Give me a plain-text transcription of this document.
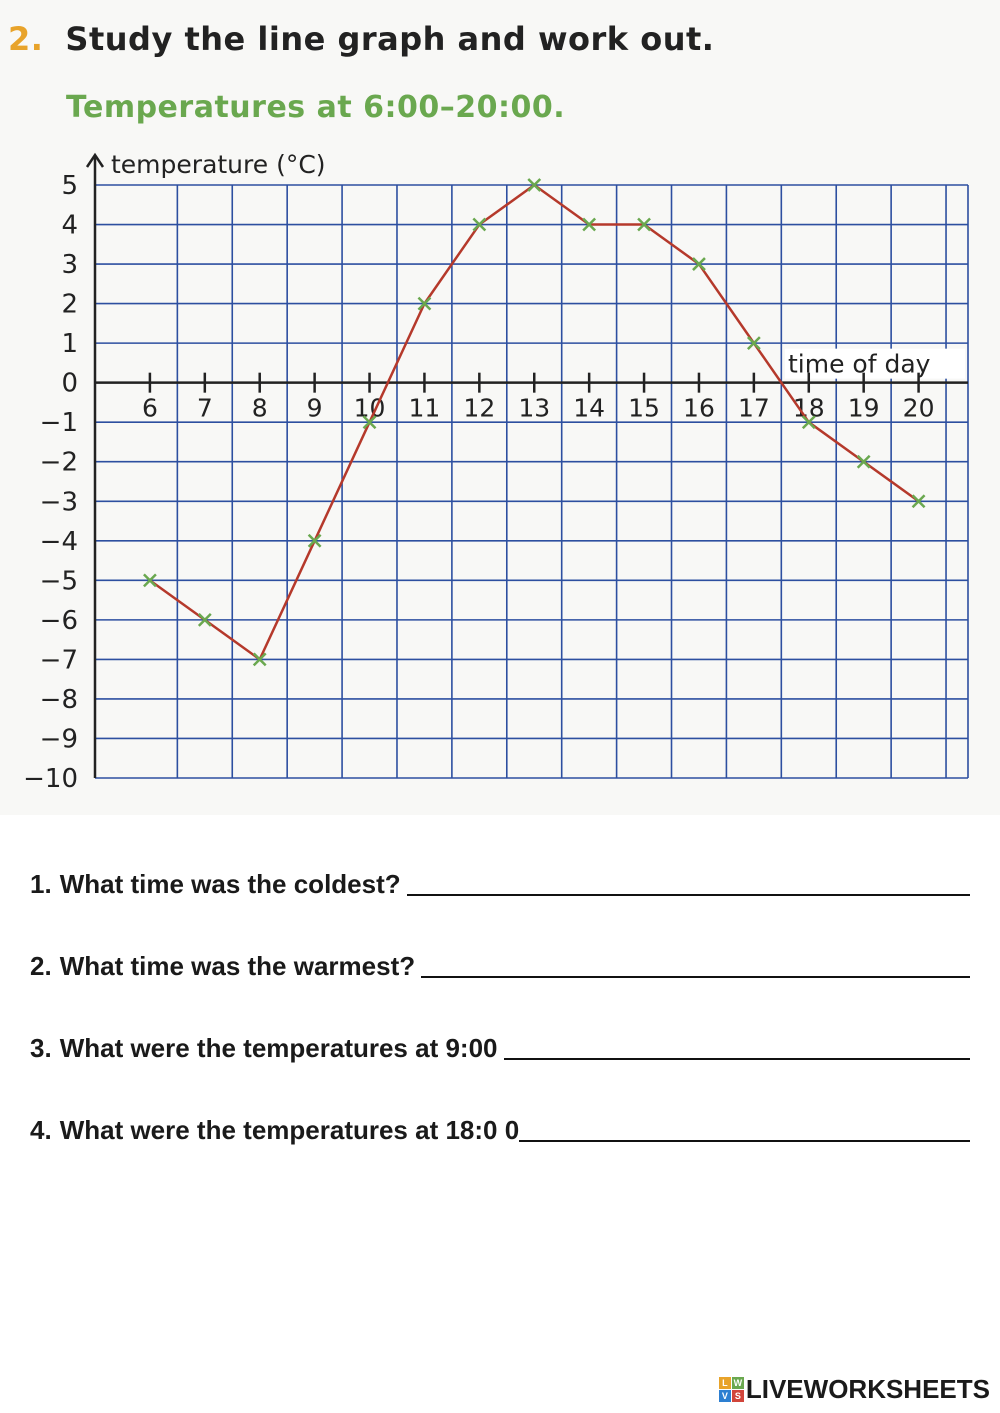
2. Study the line graph and work out.
Temperatures at 6:00–20:00.
temperature (°C)
time of day
5
4
3
2
1
0
−1
−2
−3
−4
−5
−6
−7
−8
−9
−10
6 7 8 9 10 11 12 13 14 15 16 17 18 19 20
1. What time was the coldest?
2. What time was the warmest?
3. What were the temperatures at 9:00
4. What were the temperatures at 18:0 0
L W
V S LIVEWORKSHEETS
